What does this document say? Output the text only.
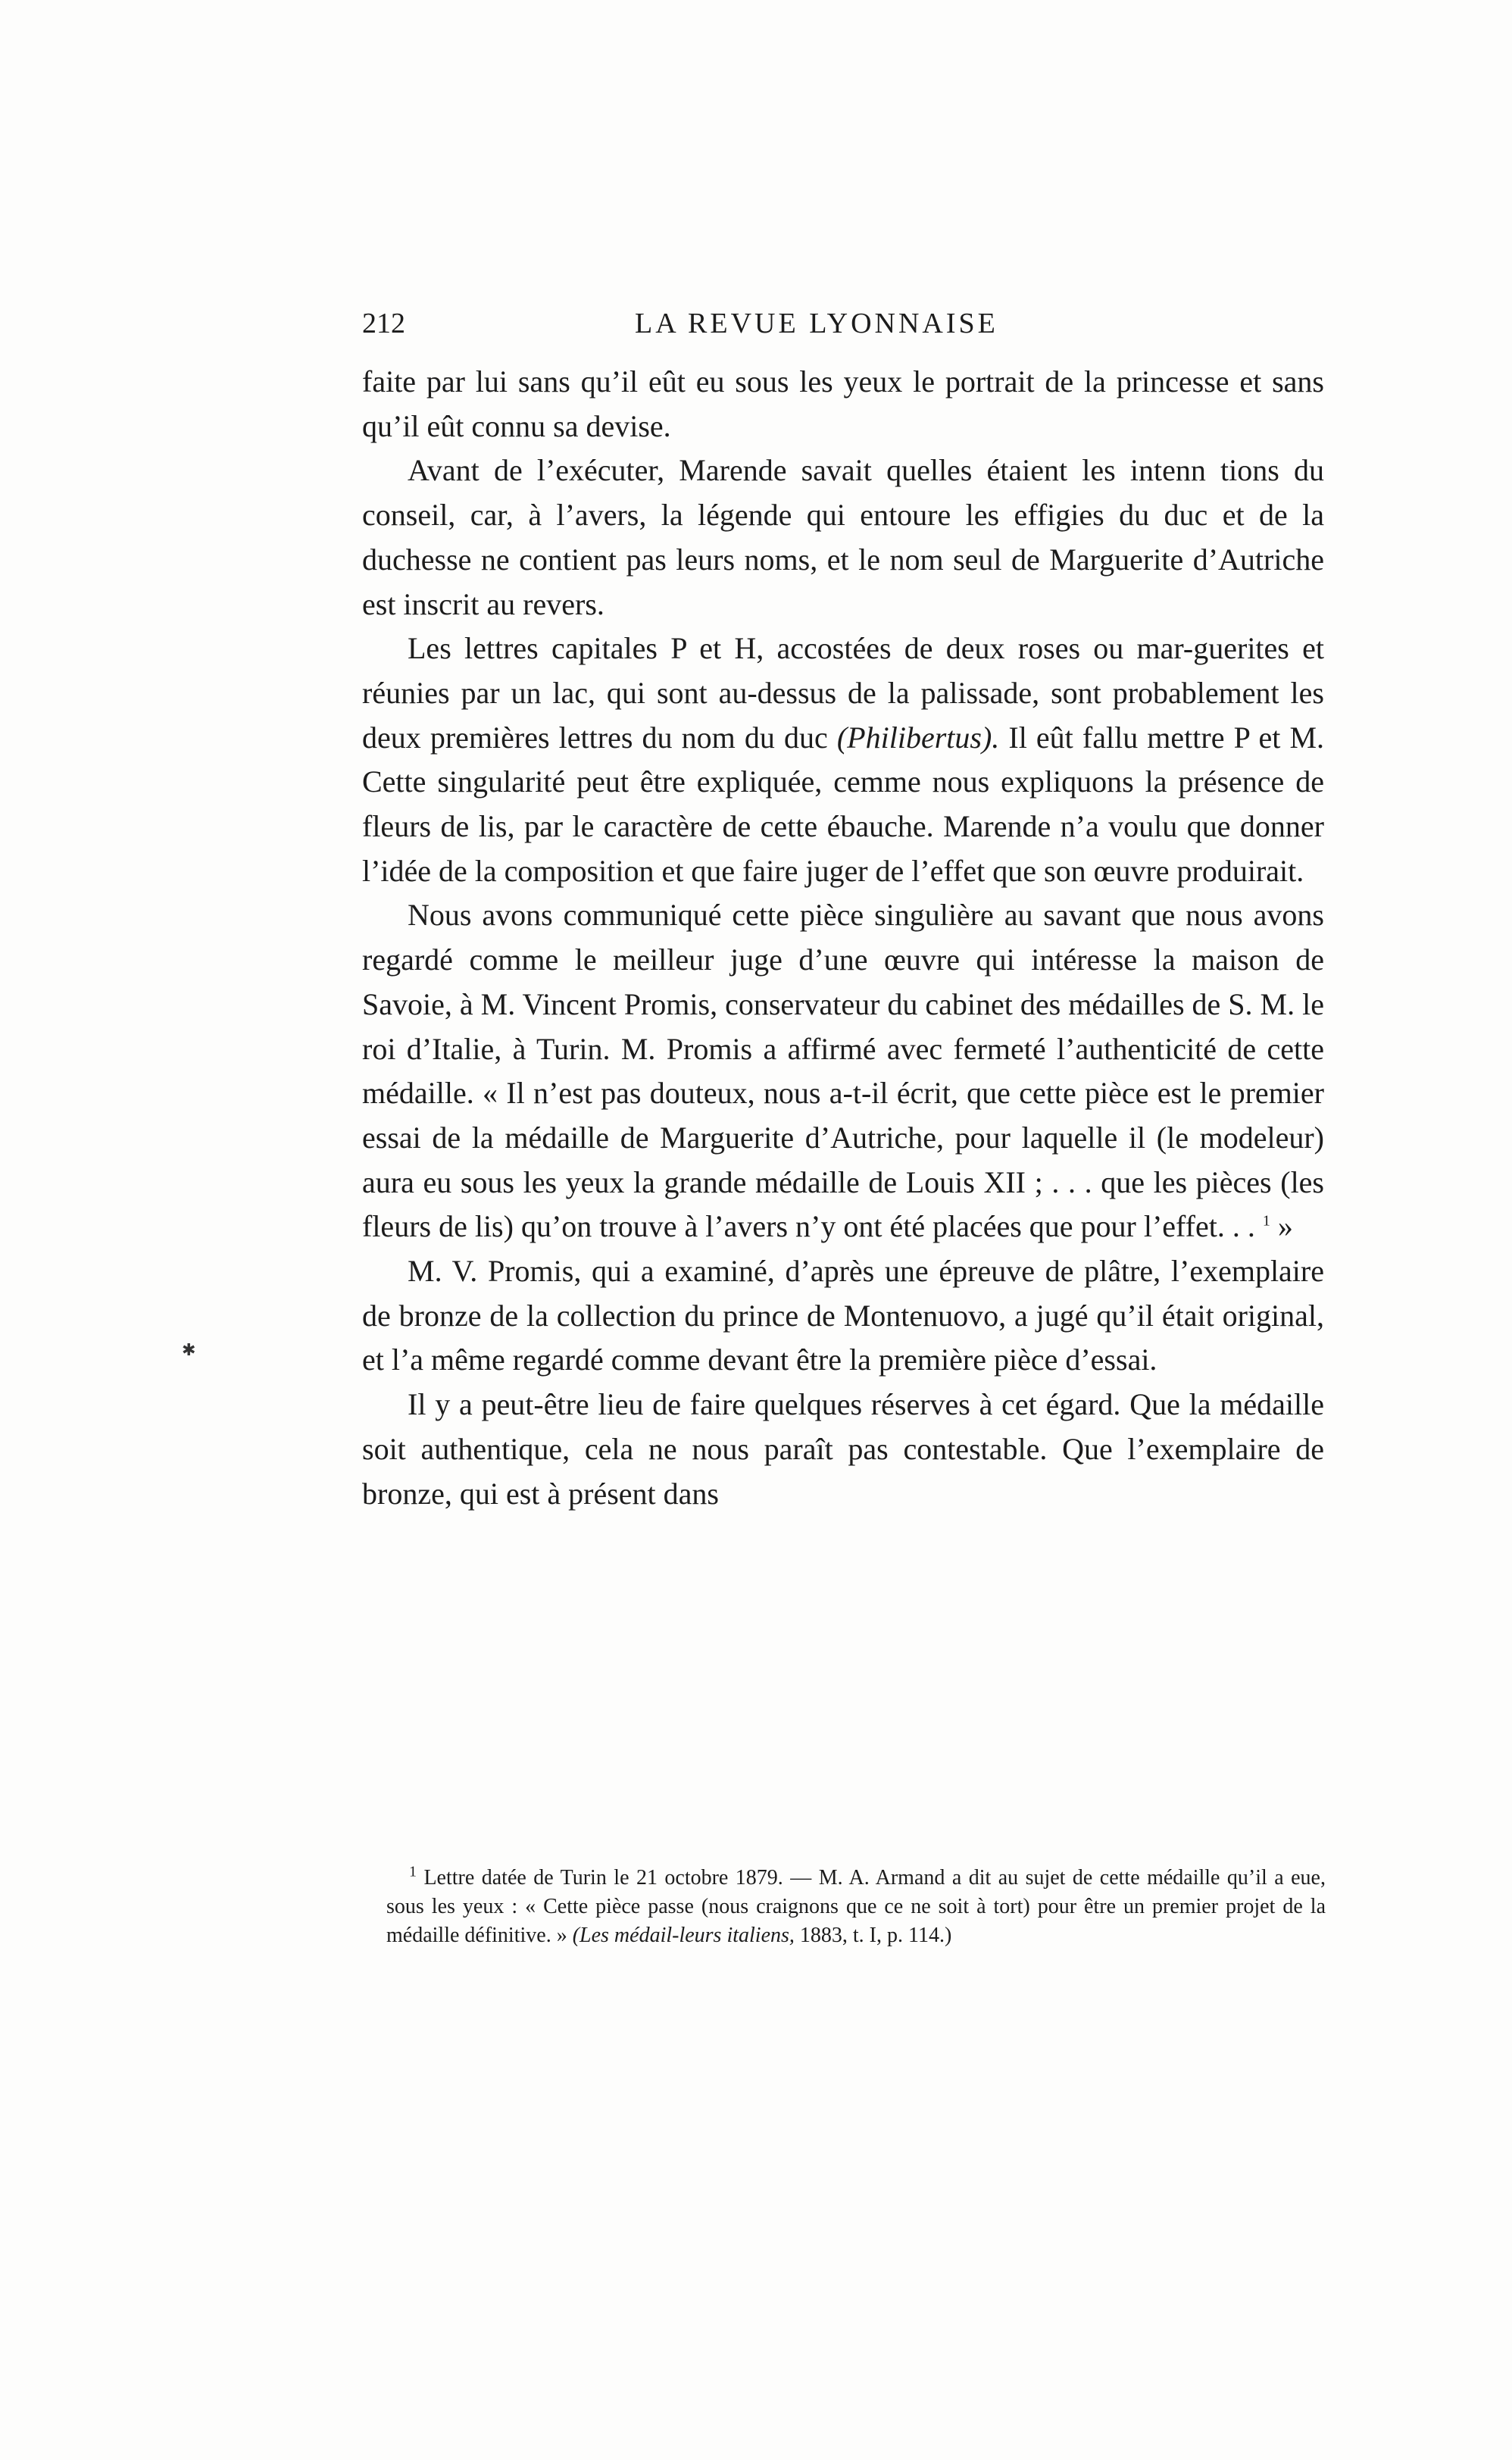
212	LA REVUE LYONNAISE

faite par lui sans qu’il eût eu sous les yeux le portrait de la princesse et sans qu’il eût connu sa devise.

Avant de l’exécuter, Marende savait quelles étaient les intenn tions du conseil, car, à l’avers, la légende qui entoure les effigies du duc et de la duchesse ne contient pas leurs noms, et le nom seul de Marguerite d’Autriche est inscrit au revers.

Les lettres capitales P et H, accostées de deux roses ou mar-guerites et réunies par un lac, qui sont au-dessus de la palissade, sont probablement les deux premières lettres du nom du duc (Philibertus). Il eût fallu mettre P et M. Cette singularité peut être expliquée, cemme nous expliquons la présence de fleurs de lis, par le caractère de cette ébauche. Marende n’a voulu que donner l’idée de la composition et que faire juger de l’effet que son œuvre produirait.

Nous avons communiqué cette pièce singulière au savant que nous avons regardé comme le meilleur juge d’une œuvre qui intéresse la maison de Savoie, à M. Vincent Promis, conservateur du cabinet des médailles de S. M. le roi d’Italie, à Turin. M. Promis a affirmé avec fermeté l’authenticité de cette médaille. « Il n’est pas douteux, nous a-t-il écrit, que cette pièce est le premier essai de la médaille de Marguerite d’Autriche, pour laquelle il (le modeleur) aura eu sous les yeux la grande médaille de Louis XII ; . . . que les pièces (les fleurs de lis) qu’on trouve à l’avers n’y ont été placées que pour l’effet. . . $^1$ »

M. V. Promis, qui a examiné, d’après une épreuve de plâtre, l’exemplaire de bronze de la collection du prince de Montenuovo, a jugé qu’il était original, et l’a même regardé comme devant être la première pièce d’essai.

Il y a peut-être lieu de faire quelques réserves à cet égard. Que la médaille soit authentique, cela ne nous paraît pas contestable. Que l’exemplaire de bronze, qui est à présent dans

$^1$ Lettre datée de Turin le 21 octobre 1879. — M. A. Armand a dit au sujet de cette médaille qu’il a eue, sous les yeux : « Cette pièce passe (nous craignons que ce ne soit à tort) pour être un premier projet de la médaille définitive. » (Les médail-leurs italiens, 1883, t. I, p. 114.)

✱
